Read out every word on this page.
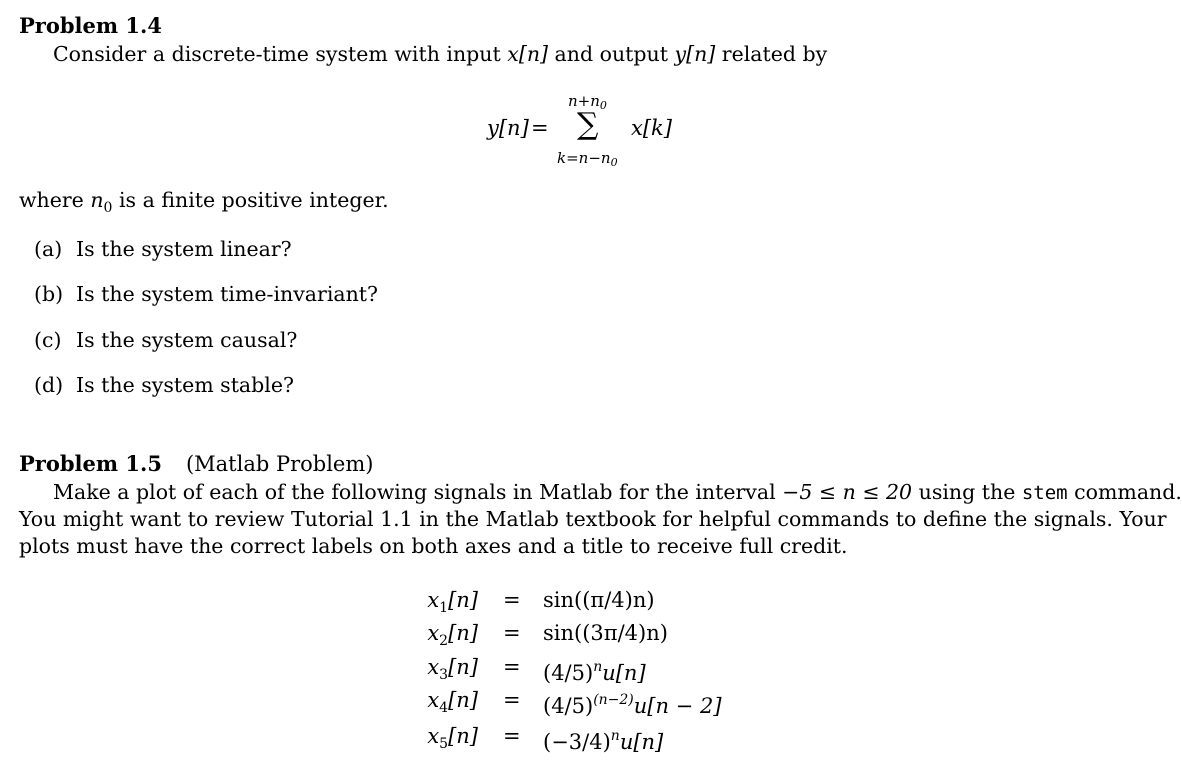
Problem 1.4
Consider a discrete-time system with input x[n] and output y[n] related by
y[n] =
$n+n_0$
∑
$k=n-n_0$
x[k]
where $n_0$ is a finite positive integer.
(a) Is the system linear?
(b) Is the system time-invariant?
(c) Is the system causal?
(d) Is the system stable?
Problem 1.5 (Matlab Problem)
Make a plot of each of the following signals in Matlab for the interval −5 ≤ n ≤ 20 using the stem command.
You might want to review Tutorial 1.1 in the Matlab textbook for helpful commands to define the signals. Your
plots must have the correct labels on both axes and a title to receive full credit.
$x_1[n] = \sin((\pi/4)n)$
$x_2[n] = \sin((3\pi/4)n)$
$x_3[n] = (4/5)^nu[n]$
$x_4[n] = (4/5)^{(n-2)}u[n - 2]$
$x_5[n] = (-3/4)^nu[n]$
